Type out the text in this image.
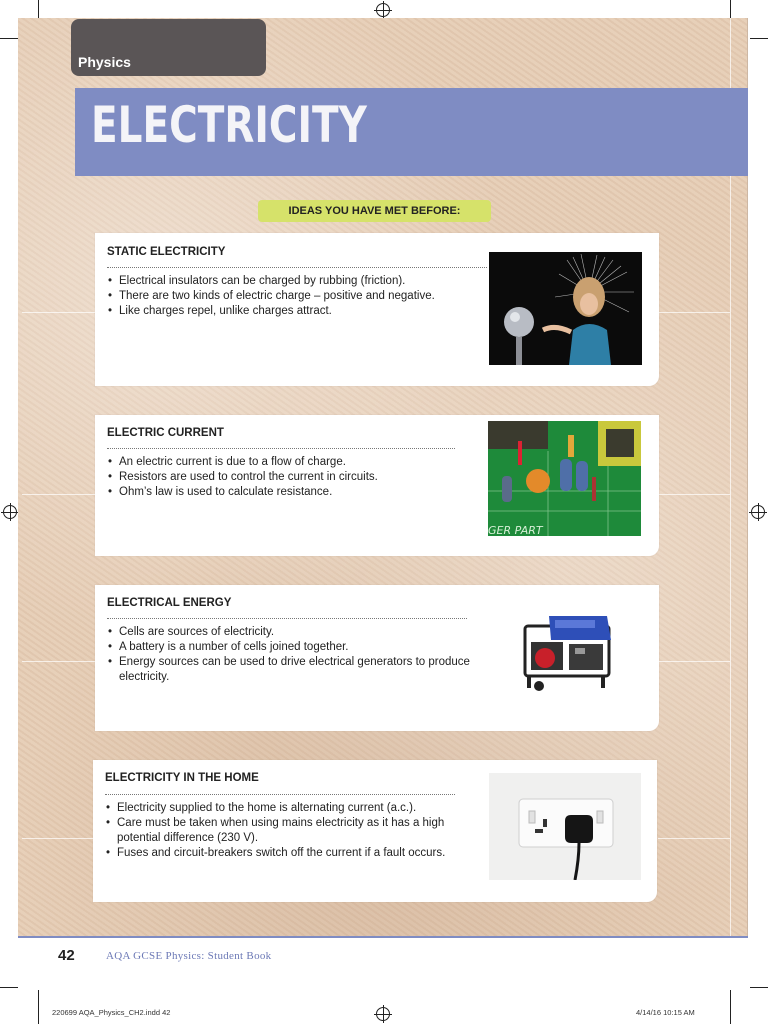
Physics
ELECTRICITY
IDEAS YOU HAVE MET BEFORE:
STATIC ELECTRICITY
• Electrical insulators can be charged by rubbing (friction).
• There are two kinds of electric charge – positive and negative.
• Like charges repel, unlike charges attract.
ELECTRIC CURRENT
• An electric current is due to a flow of charge.
• Resistors are used to control the current in circuits.
• Ohm’s law is used to calculate resistance.
GER PART
ELECTRICAL ENERGY
• Cells are sources of electricity.
• A battery is a number of cells joined together.
• Energy sources can be used to drive electrical generators to produce electricity.
ELECTRICITY IN THE HOME
• Electricity supplied to the home is alternating current (a.c.).
• Care must be taken when using mains electricity as it has a high potential difference (230 V).
• Fuses and circuit-breakers switch off the current if a fault occurs.
42	AQA GCSE Physics: Student Book
220699 AQA_Physics_CH2.indd 42	4/14/16 10:15 AM
